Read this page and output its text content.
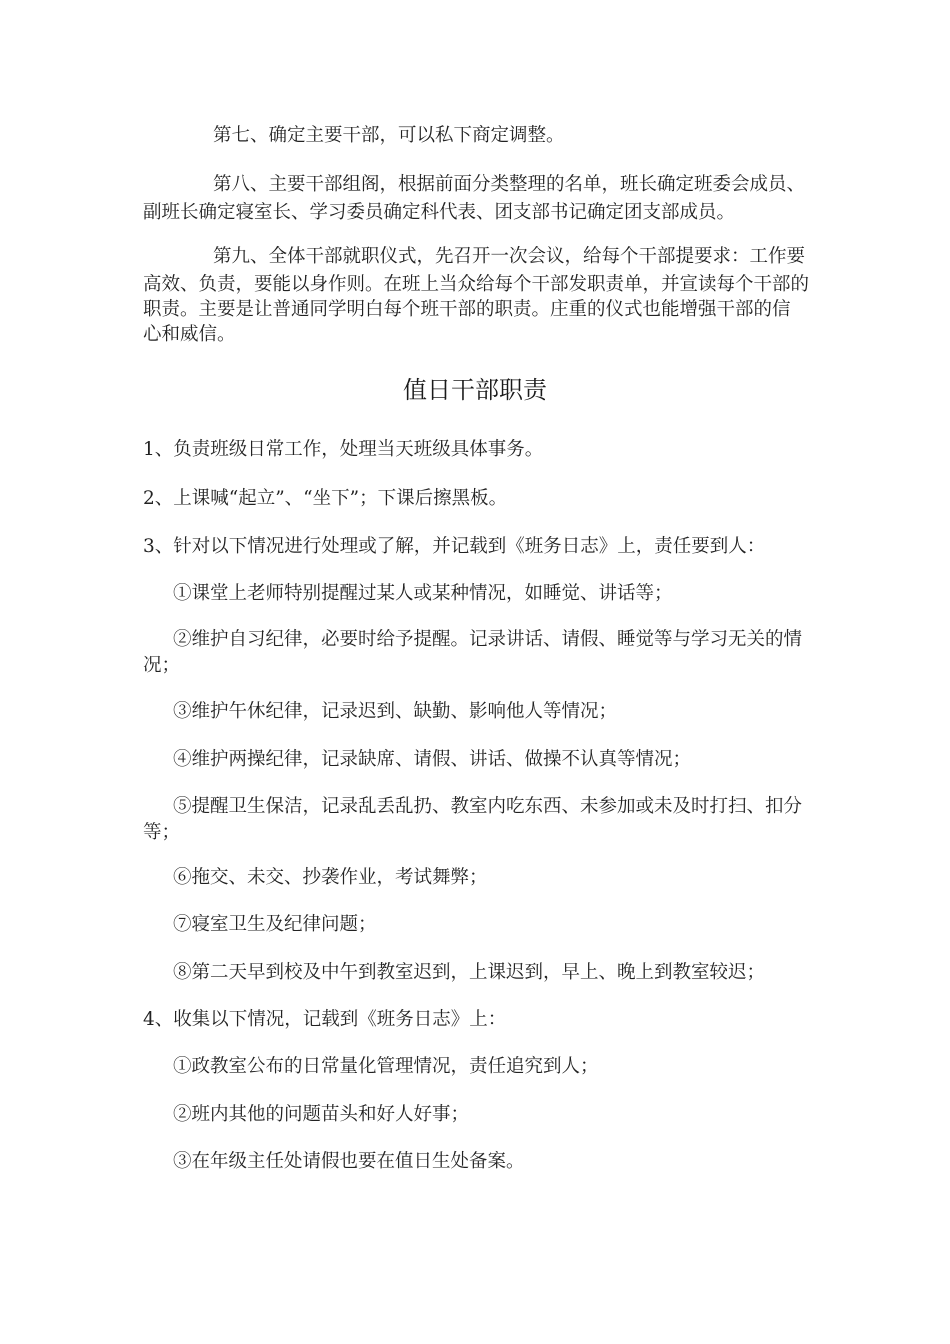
第七、确定主要干部，可以私下商定调整。

第八、主要干部组阁，根据前面分类整理的名单，班长确定班委会成员、

副班长确定寝室长、学习委员确定科代表、团支部书记确定团支部成员。

第九、全体干部就职仪式，先召开一次会议，给每个干部提要求：工作要

高效、负责，要能以身作则。在班上当众给每个干部发职责单，并宣读每个干部的

职责。主要是让普通同学明白每个班干部的职责。庄重的仪式也能增强干部的信

心和威信。

值日干部职责

1、负责班级日常工作，处理当天班级具体事务。

2、上课喊“起立”、“坐下”；下课后擦黑板。

3、针对以下情况进行处理或了解，并记载到《班务日志》上，责任要到人：

①课堂上老师特别提醒过某人或某种情况，如睡觉、讲话等；

②维护自习纪律，必要时给予提醒。记录讲话、请假、睡觉等与学习无关的情

况；

③维护午休纪律，记录迟到、缺勤、影响他人等情况；

④维护两操纪律，记录缺席、请假、讲话、做操不认真等情况；

⑤提醒卫生保洁，记录乱丢乱扔、教室内吃东西、未参加或未及时打扫、扣分

等；

⑥拖交、未交、抄袭作业，考试舞弊；

⑦寝室卫生及纪律问题；

⑧第二天早到校及中午到教室迟到，上课迟到，早上、晚上到教室较迟；

4、收集以下情况，记载到《班务日志》上：

①政教室公布的日常量化管理情况，责任追究到人；

②班内其他的问题苗头和好人好事；

③在年级主任处请假也要在值日生处备案。
